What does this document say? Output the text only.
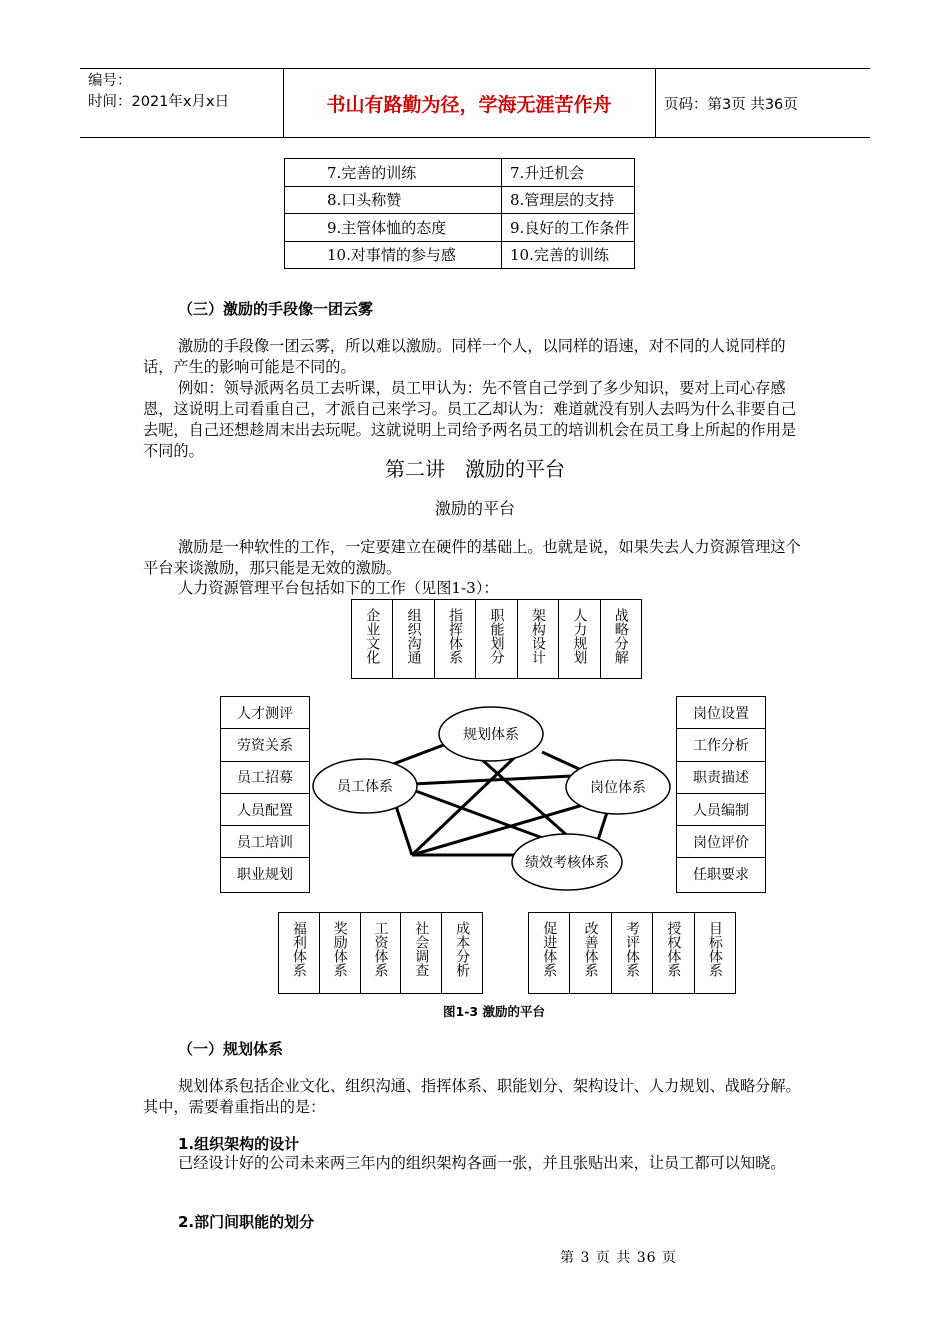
编号：
时间：2021年x月x日	书山有路勤为径，学海无涯苦作舟	页码：第3页 共36页
7.完善的训练	7.升迁机会
8.口头称赞	8.管理层的支持
9.主管体恤的态度	9.良好的工作条件
10.对事情的参与感	10.完善的训练
（三）激励的手段像一团云雾
激励的手段像一团云雾，所以难以激励。同样一个人，以同样的语速，对不同的人说同样的话，产生的影响可能是不同的。
例如：领导派两名员工去听课，员工甲认为：先不管自己学到了多少知识，要对上司心存感恩，这说明上司看重自己，才派自己来学习。员工乙却认为：难道就没有别人去吗为什么非要自己去呢，自己还想趁周末出去玩呢。这就说明上司给予两名员工的培训机会在员工身上所起的作用是不同的。
第二讲　激励的平台
激励的平台
激励是一种软性的工作，一定要建立在硬件的基础上。也就是说，如果失去人力资源管理这个平台来谈激励，那只能是无效的激励。
人力资源管理平台包括如下的工作（见图1-3）：
规划体系
员工体系	岗位体系
绩效考核体系
企业文化 组织沟通 指挥体系 职能划分 架构设计 人力规划 战略分解
人才测评
劳资关系
员工招募
人员配置
员工培训
职业规划
岗位设置
工作分析
职责描述
人员编制
岗位评价
任职要求
福利体系 奖励体系 工资体系 社会调查 成本分析	促进体系 改善体系 考评体系 授权体系 目标体系
图1-3 激励的平台
（一）规划体系
规划体系包括企业文化、组织沟通、指挥体系、职能划分、架构设计、人力规划、战略分解。其中，需要着重指出的是：
1.组织架构的设计
已经设计好的公司未来两三年内的组织架构各画一张，并且张贴出来，让员工都可以知晓。
2.部门间职能的划分
第 3 页 共 36 页
